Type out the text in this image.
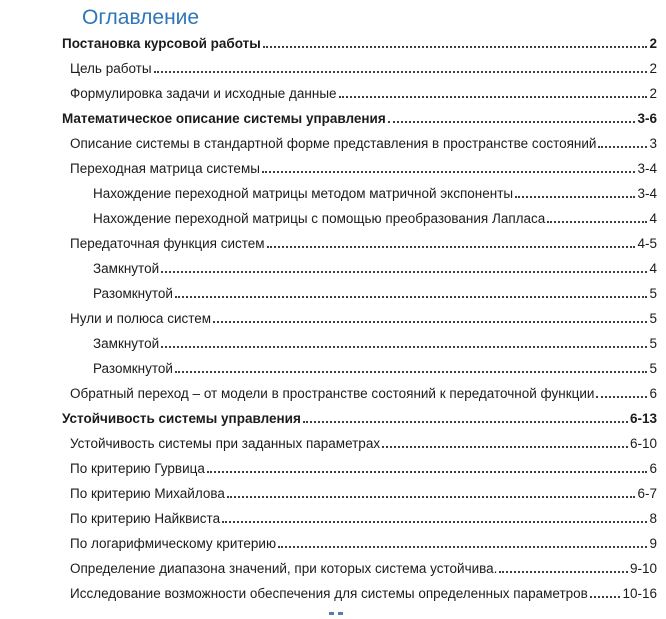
Оглавление
Постановка курсовой работы	2
Цель работы	2
Формулировка задачи и исходные данные	2
Математическое описание системы управления	3-6
Описание системы в стандартной форме представления в пространстве состояний	3
Переходная матрица системы	3-4
Нахождение переходной матрицы методом матричной экспоненты	3-4
Нахождение переходной матрицы с помощью преобразования Лапласа	4
Передаточная функция систем	4-5
Замкнутой	4
Разомкнутой	5
Нули и полюса систем	5
Замкнутой	5
Разомкнутой	5
Обратный переход – от модели в пространстве состояний к передаточной функции	6
Устойчивость системы управления	6-13
Устойчивость системы при заданных параметрах	6-10
По критерию Гурвица	6
По критерию Михайлова	6-7
По критерию Найквиста	8
По логарифмическому критерию	9
Определение диапазона значений, при которых система устойчива.	9-10
Исследование возможности обеспечения для системы определенных параметров	10-16
